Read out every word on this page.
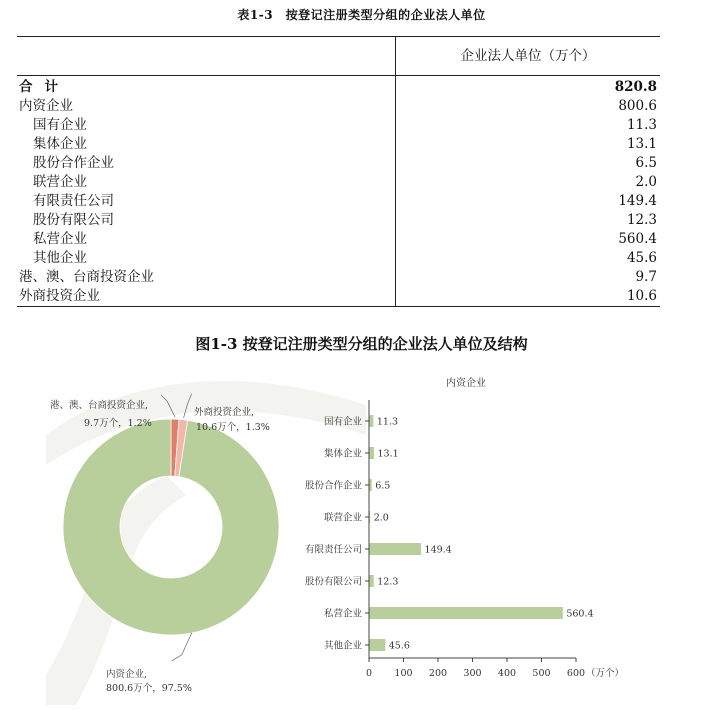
表1-3　按登记注册类型分组的企业法人单位
	企业法人单位（万个）
合计	820.8
内资企业	800.6
国有企业	11.3
集体企业	13.1
股份合作企业	6.5
联营企业	2.0
有限责任公司	149.4
股份有限公司	12.3
私营企业	560.4
其他企业	45.6
港、澳、台商投资企业	9.7
外商投资企业	10.6
图1-3 按登记注册类型分组的企业法人单位及结构
港、澳、台商投资企业,
9.7万个，1.2%
外商投资企业,
10.6万个，1.3%
内资企业,
800.6万个，97.5%
内资企业
国有企业 11.3
集体企业 13.1
股份合作企业 6.5
联营企业 2.0
有限责任公司	149.4
股份有限公司 12.3
私营企业	560.4
其他企业	45.6
0 100 200 300 400 500 600 （万个）
